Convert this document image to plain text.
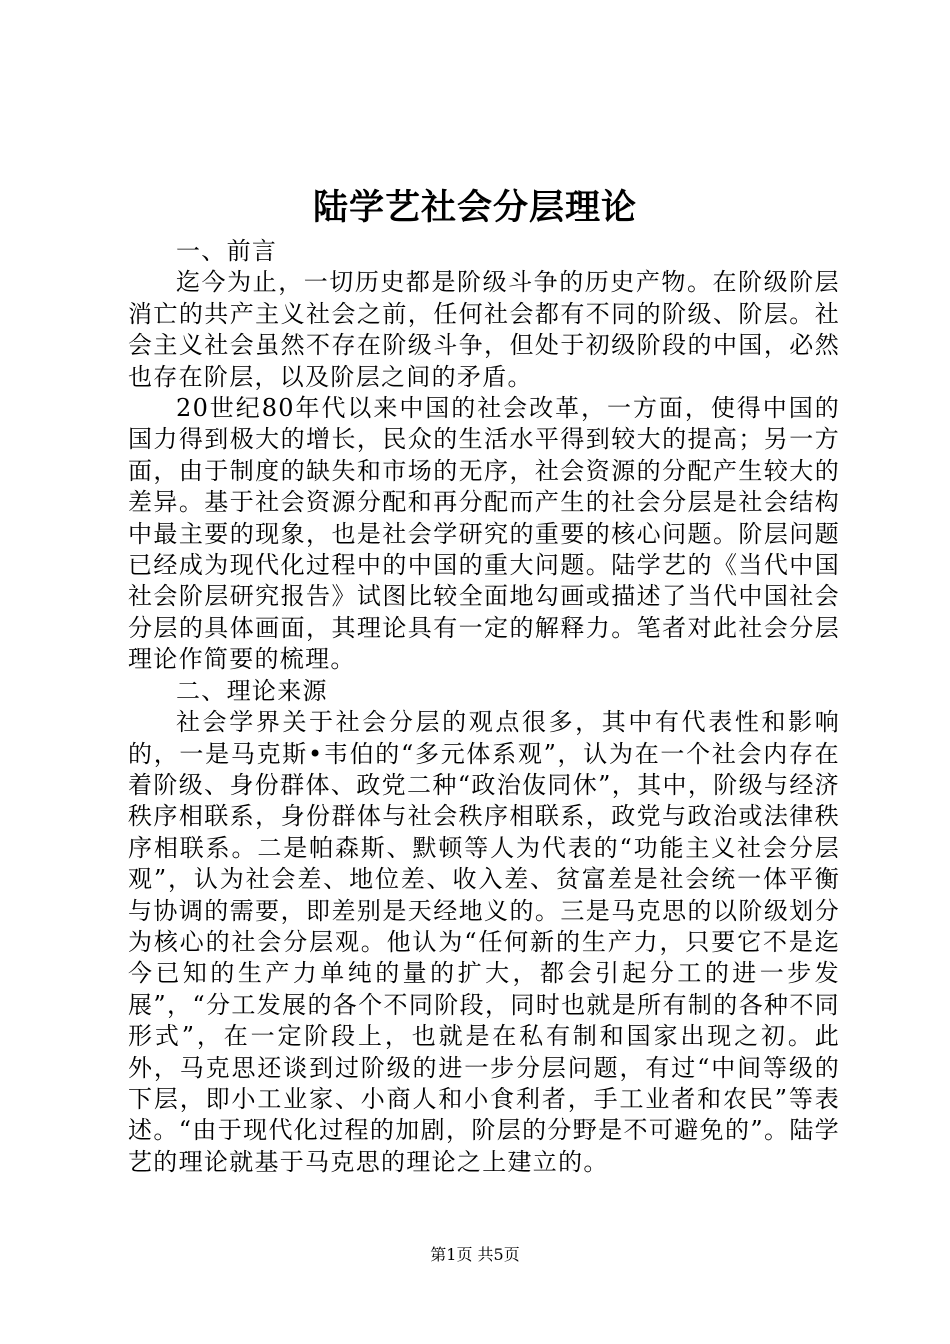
陆学艺社会分层理论

一、前言

迄今为止，一切历史都是阶级斗争的历史产物。在阶级阶层消亡的共产主义社会之前，任何社会都有不同的阶级、阶层。社会主义社会虽然不存在阶级斗争，但处于初级阶段的中国，必然也存在阶层，以及阶层之间的矛盾。

20世纪80年代以来中国的社会改革，一方面，使得中国的国力得到极大的增长，民众的生活水平得到较大的提高；另一方面，由于制度的缺失和市场的无序，社会资源的分配产生较大的差异。基于社会资源分配和再分配而产生的社会分层是社会结构中最主要的现象，也是社会学研究的重要的核心问题。阶层问题已经成为现代化过程中的中国的重大问题。陆学艺的《当代中国社会阶层研究报告》试图比较全面地勾画或描述了当代中国社会分层的具体画面，其理论具有一定的解释力。笔者对此社会分层理论作简要的梳理。

二、理论来源

社会学界关于社会分层的观点很多，其中有代表性和影响的，一是马克斯•韦伯的“多元体系观”，认为在一个社会内存在着阶级、身份群体、政党二种“政治伖同休”，其中，阶级与经济秩序相联系，身份群体与社会秩序相联系，政党与政治或法律秩序相联系。二是帕森斯、默顿等人为代表的“功能主义社会分层观”，认为社会差、地位差、收入差、贫富差是社会统一体平衡与协调的需要，即差别是天经地义的。三是马克思的以阶级划分为核心的社会分层观。他认为“任何新的生产力，只要它不是迄今已知的生产力单纯的量的扩大，都会引起分工的进一步发展”，“分工发展的各个不同阶段，同时也就是所有制的各种不同形式”，在一定阶段上，也就是在私有制和国家出现之初。此外，马克思还谈到过阶级的进一步分层问题，有过“中间等级的下层，即小工业家、小商人和小食利者，手工业者和农民”等表述。“由于现代化过程的加剧，阶层的分野是不可避免的”。陆学艺的理论就基于马克思的理论之上建立的。

第1页 共5页
